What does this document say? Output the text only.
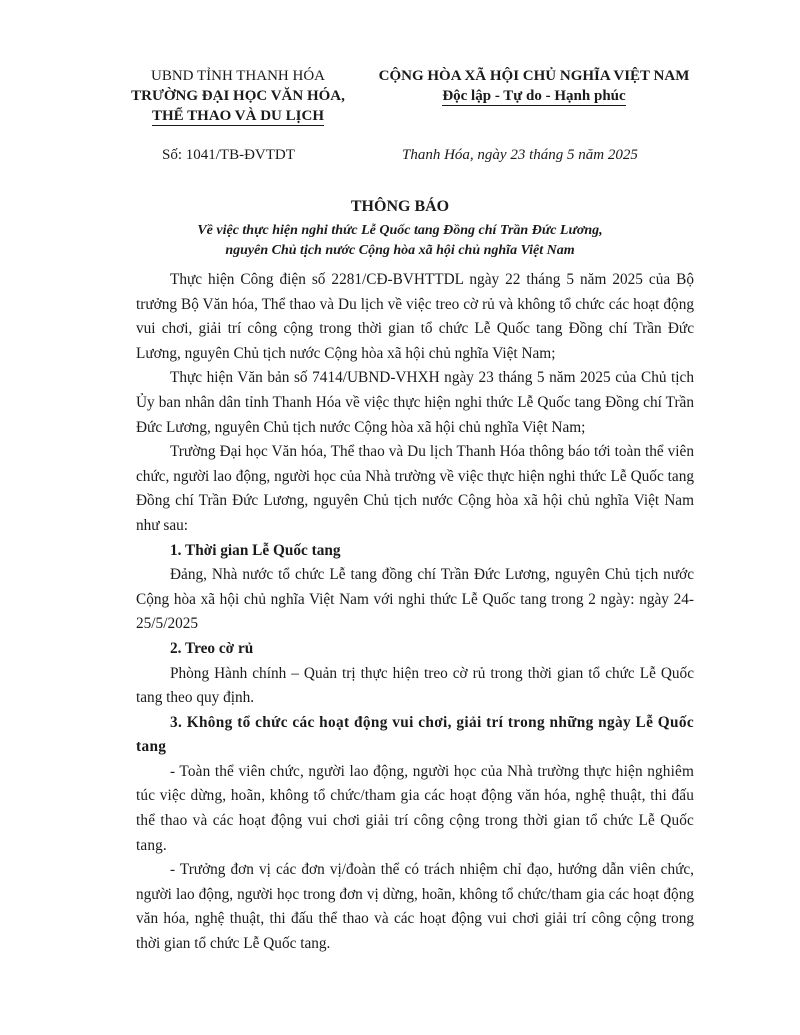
UBND TỈNH THANH HÓA
TRƯỜNG ĐẠI HỌC VĂN HÓA,
THỂ THAO VÀ DU LỊCH
CỘNG HÒA XÃ HỘI CHỦ NGHĨA VIỆT NAM
Độc lập - Tự do - Hạnh phúc
Số: 1041/TB-ĐVTDT	Thanh Hóa, ngày 23 tháng 5 năm 2025
THÔNG BÁO
Về việc thực hiện nghi thức Lễ Quốc tang Đồng chí Trần Đức Lương,
nguyên Chủ tịch nước Cộng hòa xã hội chủ nghĩa Việt Nam

Thực hiện Công điện số 2281/CĐ-BVHTTDL ngày 22 tháng 5 năm 2025 của Bộ trưởng Bộ Văn hóa, Thể thao và Du lịch về việc treo cờ rủ và không tổ chức các hoạt động vui chơi, giải trí công cộng trong thời gian tổ chức Lễ Quốc tang Đồng chí Trần Đức Lương, nguyên Chủ tịch nước Cộng hòa xã hội chủ nghĩa Việt Nam;

Thực hiện Văn bản số 7414/UBND-VHXH ngày 23 tháng 5 năm 2025 của Chủ tịch Ủy ban nhân dân tỉnh Thanh Hóa về việc thực hiện nghi thức Lễ Quốc tang Đồng chí Trần Đức Lương, nguyên Chủ tịch nước Cộng hòa xã hội chủ nghĩa Việt Nam;

Trường Đại học Văn hóa, Thể thao và Du lịch Thanh Hóa thông báo tới toàn thể viên chức, người lao động, người học của Nhà trường về việc thực hiện nghi thức Lễ Quốc tang Đồng chí Trần Đức Lương, nguyên Chủ tịch nước Cộng hòa xã hội chủ nghĩa Việt Nam như sau:

1. Thời gian Lễ Quốc tang

Đảng, Nhà nước tổ chức Lễ tang đồng chí Trần Đức Lương, nguyên Chủ tịch nước Cộng hòa xã hội chủ nghĩa Việt Nam với nghi thức Lễ Quốc tang trong 2 ngày: ngày 24-25/5/2025

2. Treo cờ rủ

Phòng Hành chính – Quản trị thực hiện treo cờ rủ trong thời gian tổ chức Lễ Quốc tang theo quy định.

3. Không tổ chức các hoạt động vui chơi, giải trí trong những ngày Lễ Quốc tang

- Toàn thể viên chức, người lao động, người học của Nhà trường thực hiện nghiêm túc việc dừng, hoãn, không tổ chức/tham gia các hoạt động văn hóa, nghệ thuật, thi đấu thể thao và các hoạt động vui chơi giải trí công cộng trong thời gian tổ chức Lễ Quốc tang.

- Trưởng đơn vị các đơn vị/đoàn thể có trách nhiệm chỉ đạo, hướng dẫn viên chức, người lao động, người học trong đơn vị dừng, hoãn, không tổ chức/tham gia các hoạt động văn hóa, nghệ thuật, thi đấu thể thao và các hoạt động vui chơi giải trí công cộng trong thời gian tổ chức Lễ Quốc tang.
